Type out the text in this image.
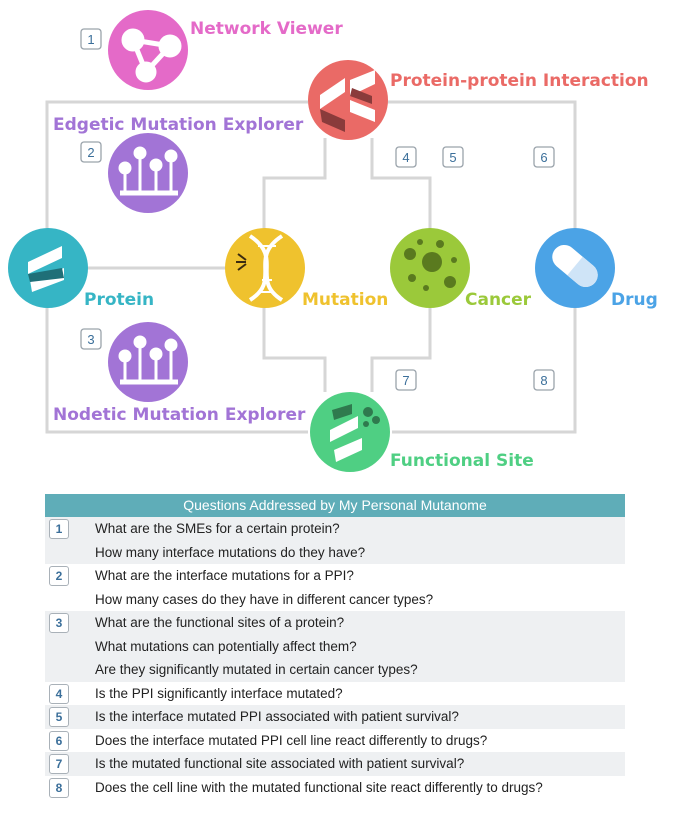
Network Viewer
Protein-protein Interaction
Edgetic Mutation Explorer
Nodetic Mutation Explorer
Protein	Mutation	Cancer	Drug
Functional Site
1
2
3
4	5	6
7	8
Questions Addressed by My Personal Mutanome
1	What are the SMEs for a certain protein?
How many interface mutations do they have?
2	What are the interface mutations for a PPI?
How many cases do they have in different cancer types?
3	What are the functional sites of a protein?
What mutations can potentially affect them?
Are they significantly mutated in certain cancer types?
4	Is the PPI significantly interface mutated?
5	Is the interface mutated PPI associated with patient survival?
6	Does the interface mutated PPI cell line react differently to drugs?
7	Is the mutated functional site associated with patient survival?
8	Does the cell line with the mutated functional site react differently to drugs?
